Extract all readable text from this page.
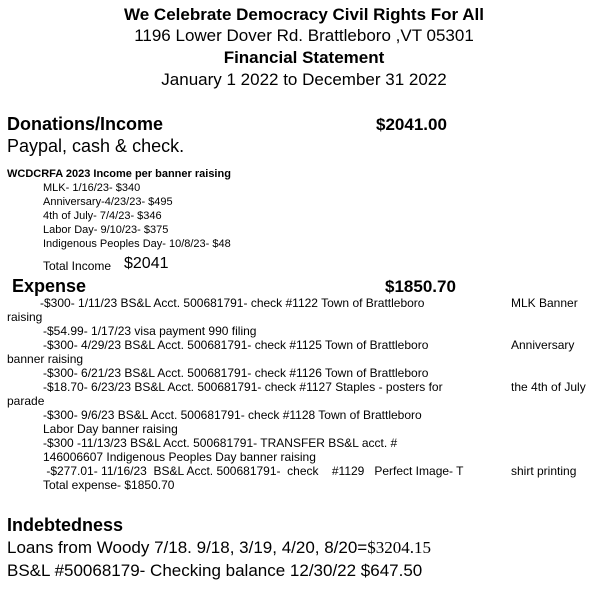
We Celebrate Democracy Civil Rights For All
1196 Lower Dover Rd. Brattleboro ,VT 05301
Financial Statement
January 1 2022 to December 31 2022
Donations/Income	$2041.00
Paypal, cash & check.
WCDCRFA 2023 Income per banner raising
MLK- 1/16/23- $340
Anniversary-4/23/23- $495
4th of July- 7/4/23- $346
Labor Day- 9/10/23- $375
Indigenous Peoples Day- 10/8/23- $48
Total Income $2041
Expense	$1850.70
-$300- 1/11/23 BS&L Acct. 500681791- check #1122 Town of Brattleboro	MLK Banner
raising
-$54.99- 1/17/23 visa payment 990 filing
-$300- 4/29/23 BS&L Acct. 500681791- check #1125 Town of Brattleboro	Anniversary
banner raising
-$300- 6/21/23 BS&L Acct. 500681791- check #1126 Town of Brattleboro
-$18.70- 6/23/23 BS&L Acct. 500681791- check #1127 Staples - posters for	the 4th of July
parade
-$300- 9/6/23 BS&L Acct. 500681791- check #1128 Town of Brattleboro
Labor Day banner raising
-$300 -11/13/23 BS&L Acct. 500681791- TRANSFER BS&L acct. #
146006607 Indigenous Peoples Day banner raising
-$277.01- 11/16/23  BS&L Acct. 500681791-  check    #1129   Perfect Image- T	shirt printing
Total expense- $1850.70
Indebtedness
Loans from Woody 7/18. 9/18, 3/19, 4/20, 8/20=$3204.15
BS&L #50068179- Checking balance 12/30/22 $647.50
